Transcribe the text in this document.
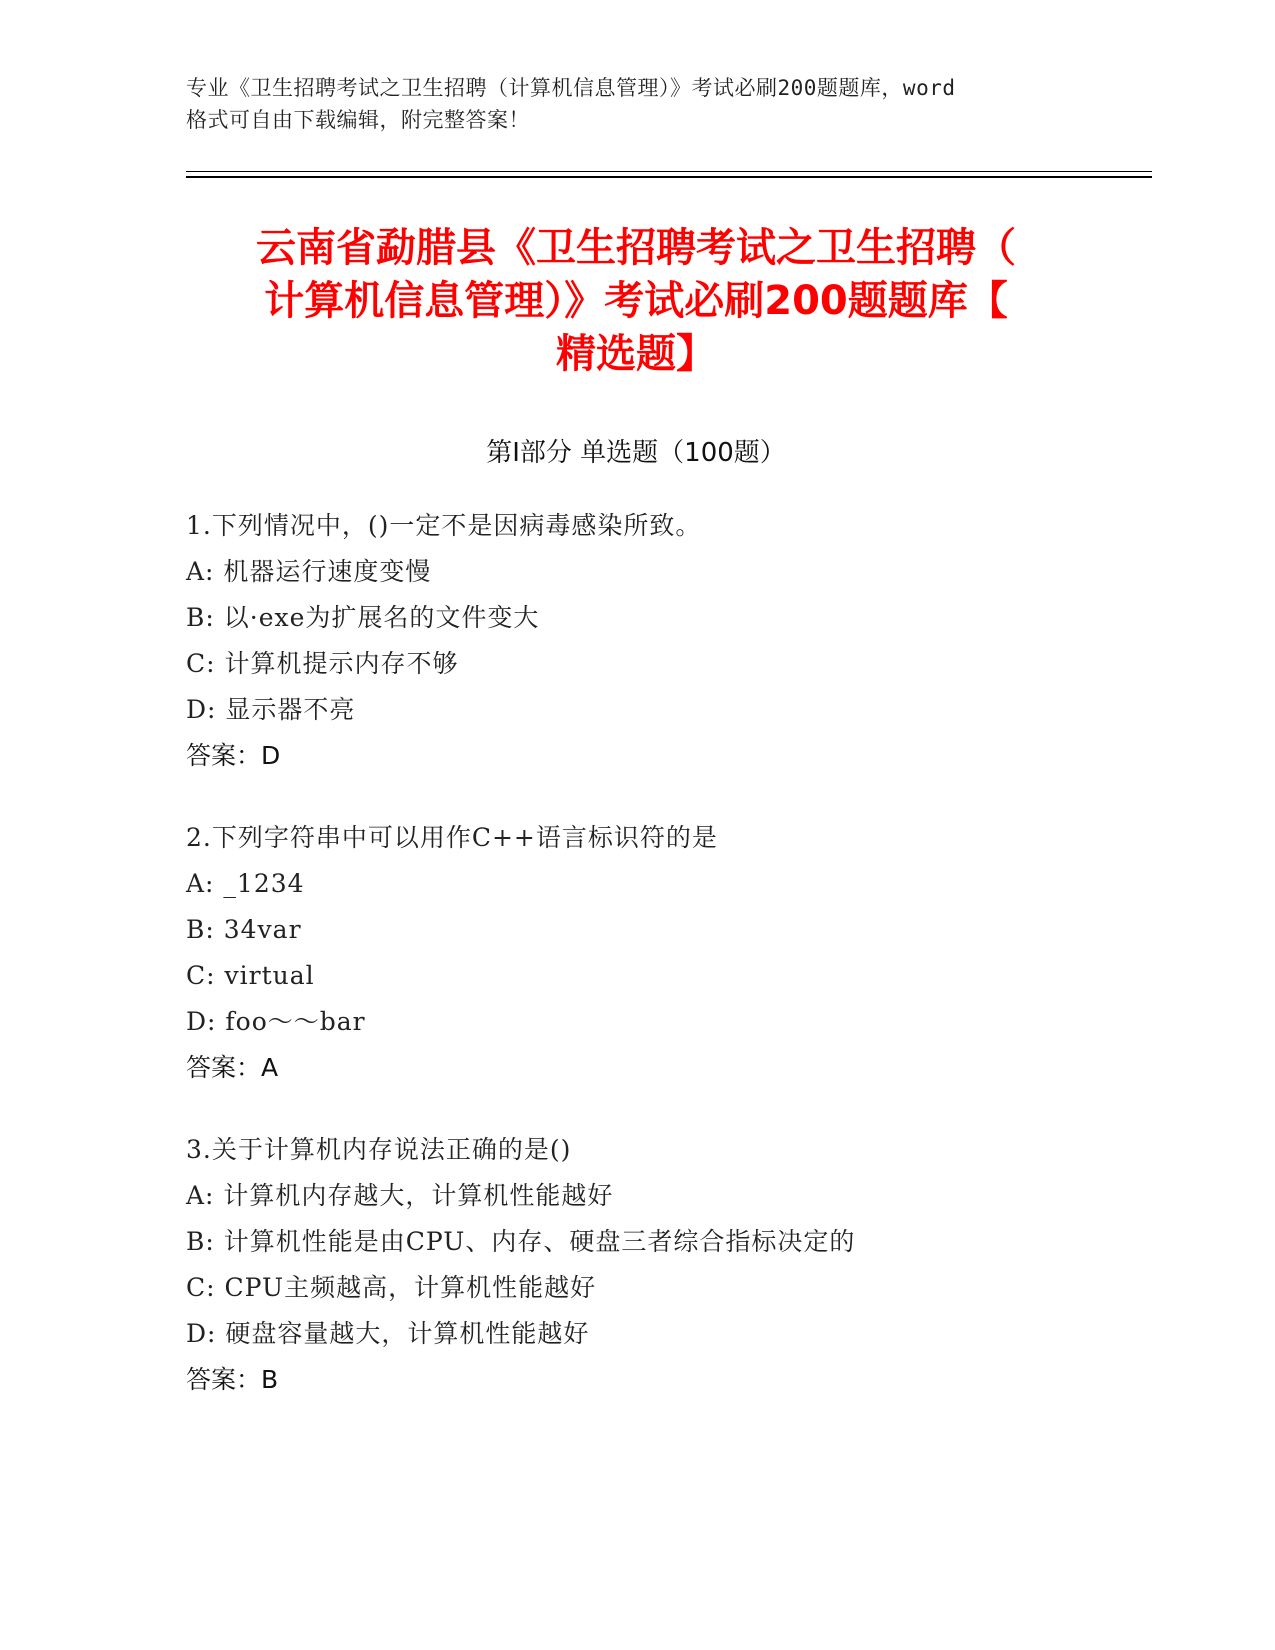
专业《卫生招聘考试之卫生招聘（计算机信息管理）》考试必刷200题题库，word
格式可自由下载编辑，附完整答案！
云南省勐腊县《卫生招聘考试之卫生招聘（
计算机信息管理）》考试必刷200题题库【
精选题】
第Ⅰ部分 单选题（100题）
1.下列情况中，()一定不是因病毒感染所致。
A: 机器运行速度变慢
B: 以·exe为扩展名的文件变大
C: 计算机提示内存不够
D: 显示器不亮
答案：D
2.下列字符串中可以用作C++语言标识符的是
A: _1234
B: 34var
C: virtual
D: foo～～bar
答案：A
3.关于计算机内存说法正确的是()
A: 计算机内存越大，计算机性能越好
B: 计算机性能是由CPU、内存、硬盘三者综合指标决定的
C: CPU主频越高，计算机性能越好
D: 硬盘容量越大，计算机性能越好
答案：B
